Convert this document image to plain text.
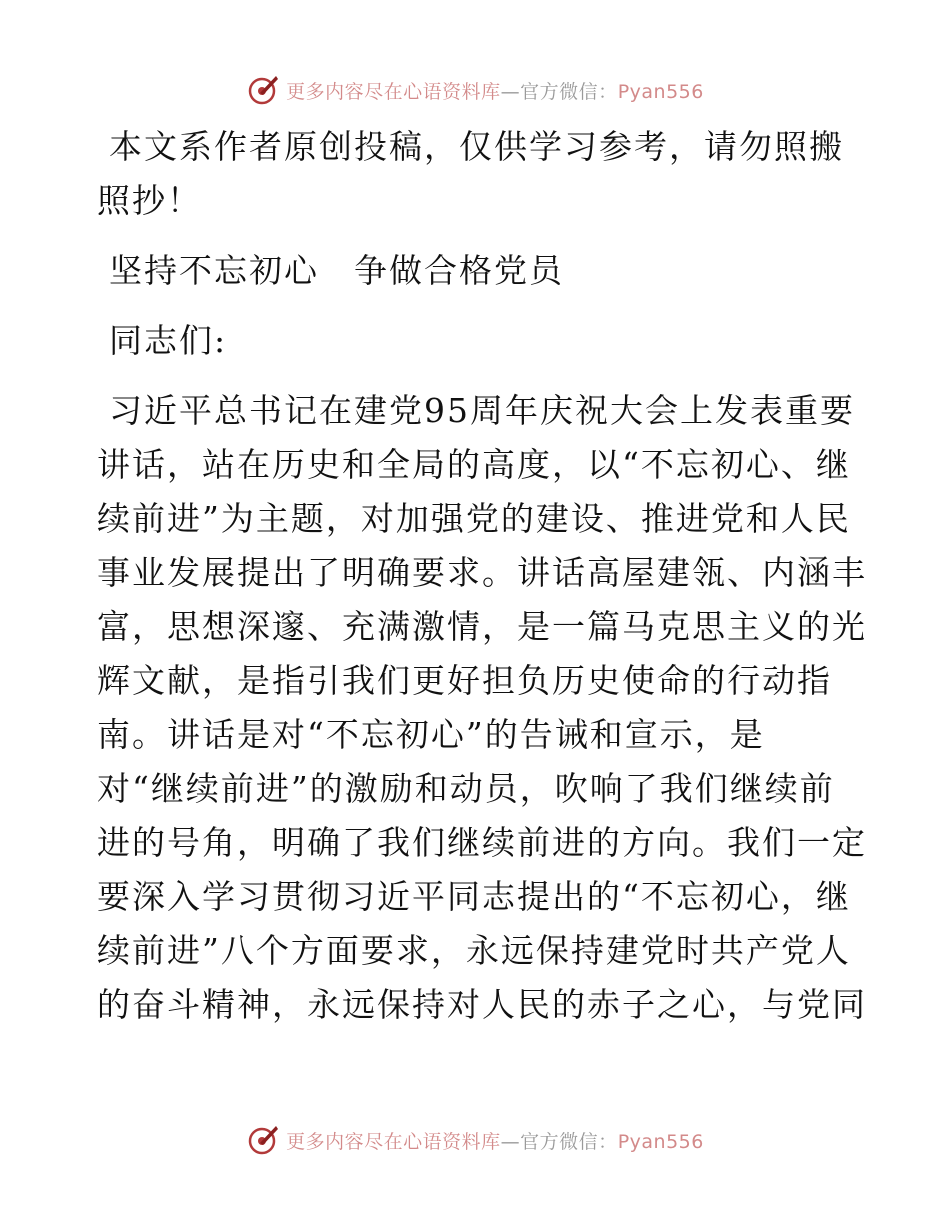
更多内容尽在心语资料库—官方微信：Pyan556
本文系作者原创投稿，仅供学习参考，请勿照搬
照抄！
坚持不忘初心　争做合格党员
同志们:
习近平总书记在建党95周年庆祝大会上发表重要
讲话，站在历史和全局的高度，以“不忘初心、继
续前进”为主题，对加强党的建设、推进党和人民
事业发展提出了明确要求。讲话高屋建瓴、内涵丰
富，思想深邃、充满激情，是一篇马克思主义的光
辉文献，是指引我们更好担负历史使命的行动指
南。讲话是对“不忘初心”的告诫和宣示，是
对“继续前进”的激励和动员，吹响了我们继续前
进的号角，明确了我们继续前进的方向。我们一定
要深入学习贯彻习近平同志提出的“不忘初心，继
续前进”八个方面要求，永远保持建党时共产党人
的奋斗精神，永远保持对人民的赤子之心，与党同
更多内容尽在心语资料库—官方微信：Pyan556
